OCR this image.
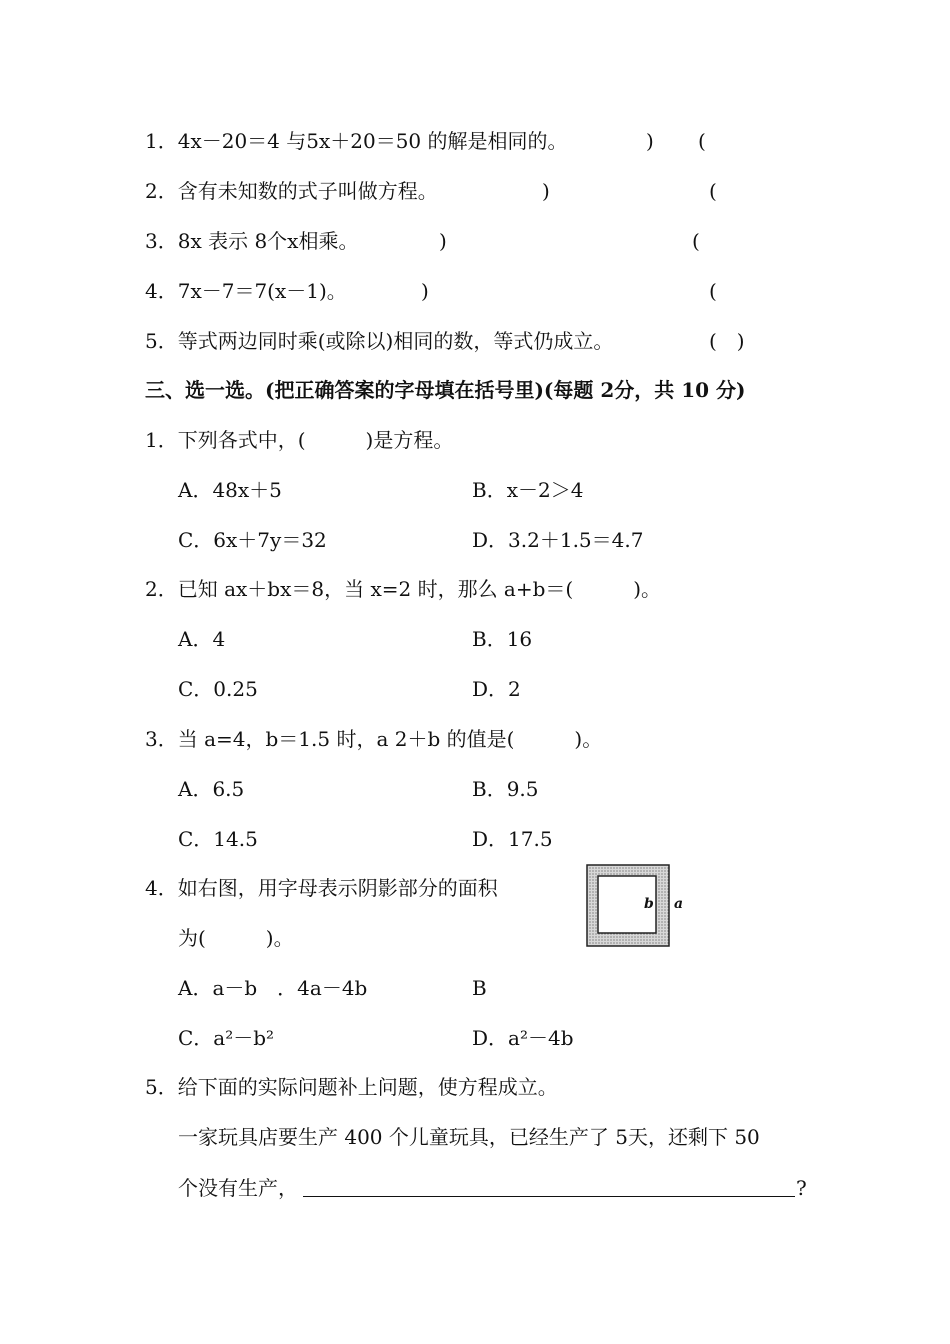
1．4x－20＝4 与5x＋20＝50 的解是相同的。	) (
2．含有未知数的式子叫做方程。	)	(
3．8x 表示 8个x相乘。	)	(
4．7x－7＝7(x－1)。	)	(
5．等式两边同时乘(或除以)相同的数，等式仍成立。	(　)
三、选一选。(把正确答案的字母填在括号里)(每题 2分，共 10 分)
1．下列各式中，(　　　)是方程。
A．48x＋5	B．x－2＞4
C．6x＋7y＝32	D．3.2＋1.5＝4.7
2．已知 ax＋bx＝8，当 x=2 时，那么 a+b＝(　　　)。
A．4	B．16
C．0.25	D．2
3．当 a=4，b＝1.5 时，a 2＋b 的值是(　　　)。
A．6.5	B．9.5
C．14.5	D．17.5
4．如右图，用字母表示阴影部分的面积
为(　　　)。
b a
A．a－b　．4a－4b	B
C．a²－b²	D．a²－4b
5．给下面的实际问题补上问题，使方程成立。
一家玩具店要生产 400 个儿童玩具，已经生产了 5天，还剩下 50
个没有生产，	?
